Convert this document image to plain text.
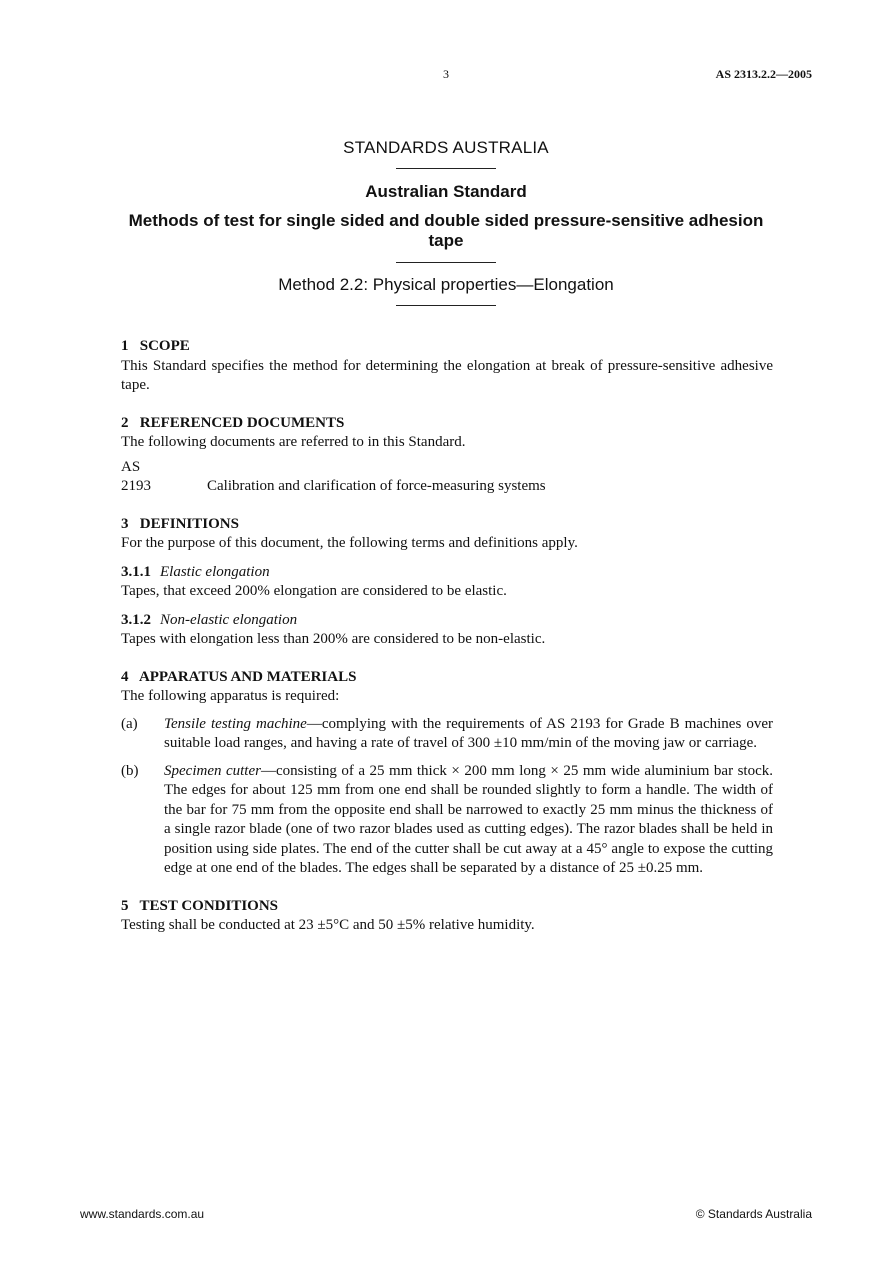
3	AS 2313.2.2—2005
STANDARDS AUSTRALIA
Australian Standard
Methods of test for single sided and double sided pressure-sensitive adhesion tape
Method 2.2: Physical properties—Elongation

1 SCOPE

This Standard specifies the method for determining the elongation at break of pressure-sensitive adhesive tape.

2 REFERENCED DOCUMENTS

The following documents are referred to in this Standard.

AS
2193	Calibration and clarification of force-measuring systems

3 DEFINITIONS

For the purpose of this document, the following terms and definitions apply.

3.1.1 Elastic elongation

Tapes, that exceed 200% elongation are considered to be elastic.

3.1.2 Non-elastic elongation

Tapes with elongation less than 200% are considered to be non-elastic.

4 APPARATUS AND MATERIALS

The following apparatus is required:

(a)	Tensile testing machine—complying with the requirements of AS 2193 for Grade B machines over suitable load ranges, and having a rate of travel of 300 ±10 mm/min of the moving jaw or carriage.
(b)	Specimen cutter—consisting of a 25 mm thick × 200 mm long × 25 mm wide aluminium bar stock. The edges for about 125 mm from one end shall be rounded slightly to form a handle. The width of the bar for 75 mm from the opposite end shall be narrowed to exactly 25 mm minus the thickness of a single razor blade (one of two razor blades used as cutting edges). The razor blades shall be held in position using side plates. The end of the cutter shall be cut away at a 45° angle to expose the cutting edge at one end of the blades. The edges shall be separated by a distance of 25 ±0.25 mm.

5 TEST CONDITIONS

Testing shall be conducted at 23 ±5°C and 50 ±5% relative humidity.

www.standards.com.au	© Standards Australia
